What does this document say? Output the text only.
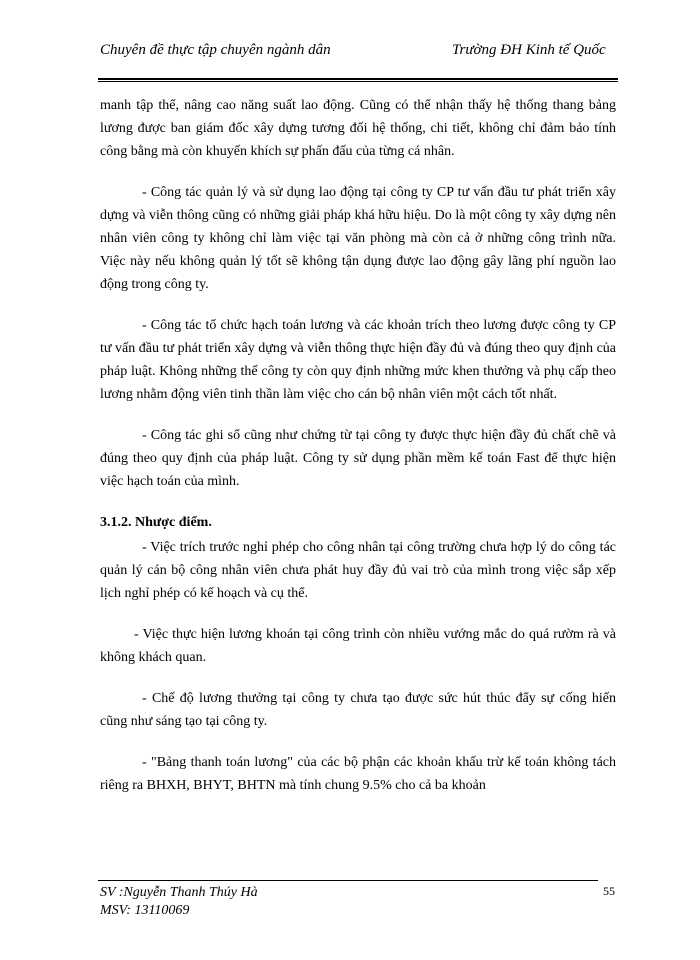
Chuyên đề thực tập chuyên ngành dân	Trường ĐH Kinh tế Quốc

manh tập thể, nâng cao năng suất lao động. Cũng có thể nhận thấy hệ thống thang bảng lương được ban giám đốc xây dựng tương đối hệ thống, chi tiết, không chỉ đảm bảo tính công bằng mà còn khuyến khích sự phấn đấu của từng cá nhân.

- Công tác quản lý và sử dụng lao động tại công ty CP tư vấn đầu tư phát triển xây dựng và viễn thông cũng có những giải pháp khá hữu hiệu. Do là một công ty xây dựng nên nhân viên công ty không chỉ làm việc tại văn phòng mà còn cả ở những công trình nữa. Việc này nếu không quản lý tốt sẽ không tận dụng được lao động gây lãng phí nguồn lao động trong công ty.

- Công tác tổ chức hạch toán lương và các khoản trích theo lương được công ty CP tư vấn đầu tư phát triển xây dựng và viễn thông thực hiện đầy đủ và đúng theo quy định của pháp luật. Không những thế công ty còn quy định những mức khen thưởng và phụ cấp theo lương nhằm động viên tinh thần làm việc cho cán bộ nhân viên một cách tốt nhất.

- Công tác ghi sổ cũng như chứng từ tại công ty được thực hiện đầy đủ chất chẽ và đúng theo quy định của pháp luật. Công ty sử dụng phần mềm kế toán Fast để thực hiện việc hạch toán của mình.

3.1.2. Nhược điểm.

- Việc trích trước nghỉ phép cho công nhân tại công trường chưa hợp lý do công tác quản lý cán bộ công nhân viên chưa phát huy đầy đủ vai trò của mình trong việc sắp xếp lịch nghỉ phép có kế hoạch và cụ thể.

- Việc thực hiện lương khoán tại công trình còn nhiều vướng mắc do quá rườm rà và không khách quan.

- Chế độ lương thưởng tại công ty chưa tạo được sức hút thúc đẩy sự cống hiến cũng như sáng tạo tại công ty.

- "Bảng thanh toán lương" của các bộ phận các khoản khấu trừ kế toán không tách riêng ra BHXH, BHYT, BHTN mà tính chung 9.5% cho cả ba khoản

SV :Nguyễn Thanh Thúy Hà
MSV: 13110069
55
